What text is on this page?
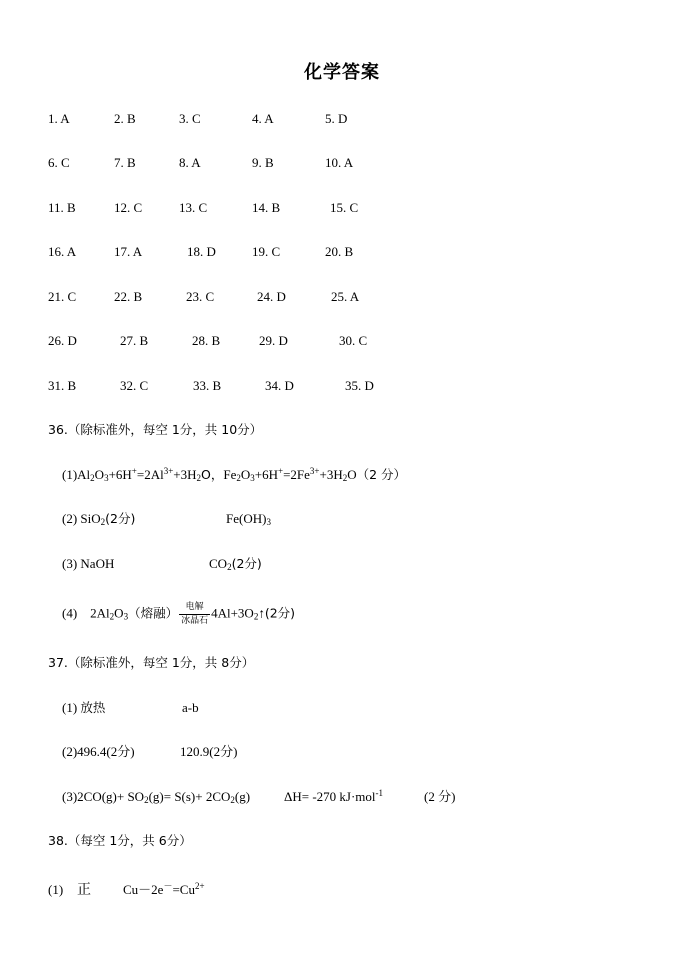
化学答案
1. A	2. B	3. C	4. A	5. D
6. C	7. B	8. A	9. B	10. A
11. B	12. C	13. C	14. B	15. C
16. A	17. A	18. D	19. C	20. B
21. C	22. B	23. C	24. D	25. A
26. D	27. B	28. B	29. D	30. C
31. B	32. C	33. B	34. D	35. D
36.（除标准外，每空 1分，共 10分）
$(1)Al_2O_3+6H^+=2Al^{3+}+3H_2O$，$Fe_2O_3+6H^+=2Fe^{3+}+3H_2O(2$ 分）
(2) SiO$_2$(2分)	$Fe(OH)_3$
(3) NaOH	$CO_2(2$分)
(4) $2Al_2O_3$（熔融） $\frac{\text{电解}}{\text{冰晶石}}$ $4Al+3O_2↑(2$分)
37.（除标准外，每空 1分，共 8分）
(1) 放热	a-b
(2)496.4(2分)	120.9(2分)
$(3)2CO(g)+ SO_2(g)= S(s)+ 2CO_2(g)$	ΔH= -270 kJ·mol$^{-1}$	(2 分)
38.（每空 1分，共 6分）
(1) 正 $Cu-2e^-=Cu^{2+}$
